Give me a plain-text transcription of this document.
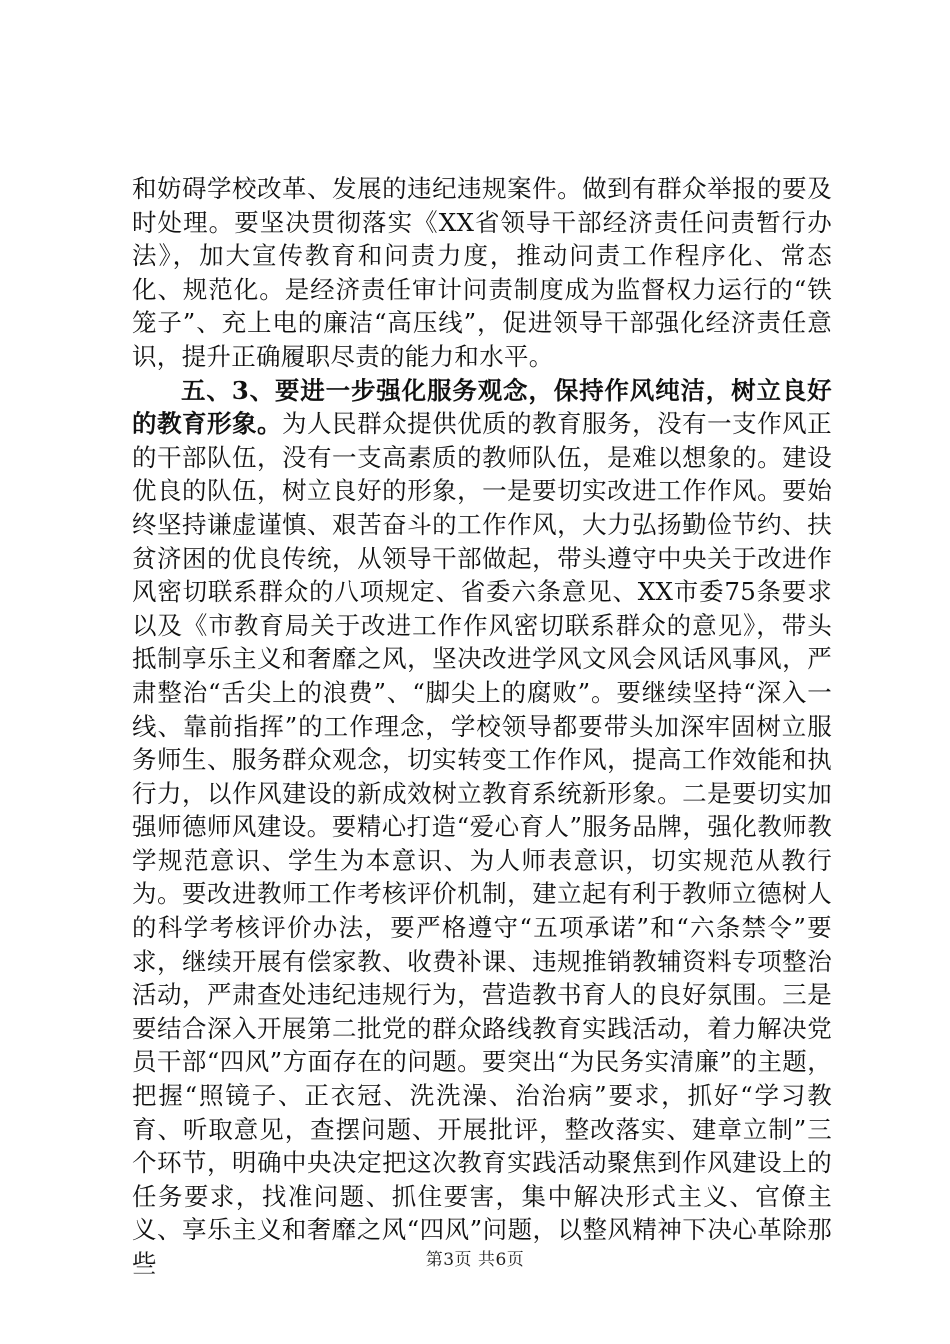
和妨碍学校改革、发展的违纪违规案件。做到有群众举报的要及时处理。要坚决贯彻落实《XX省领导干部经济责任问责暂行办法》，加大宣传教育和问责力度，推动问责工作程序化、常态化、规范化。是经济责任审计问责制度成为监督权力运行的“铁笼子”、充上电的廉洁“高压线”，促进领导干部强化经济责任意识，提升正确履职尽责的能力和水平。

五、3、要进一步强化服务观念，保持作风纯洁，树立良好的教育形象。为人民群众提供优质的教育服务，没有一支作风正的干部队伍，没有一支高素质的教师队伍，是难以想象的。建设优良的队伍，树立良好的形象，一是要切实改进工作作风。要始终坚持谦虚谨慎、艰苦奋斗的工作作风，大力弘扬勤俭节约、扶贫济困的优良传统，从领导干部做起，带头遵守中央关于改进作风密切联系群众的八项规定、省委六条意见、XX市委75条要求以及《市教育局关于改进工作作风密切联系群众的意见》，带头抵制享乐主义和奢靡之风，坚决改进学风文风会风话风事风，严肃整治“舌尖上的浪费”、“脚尖上的腐败”。要继续坚持“深入一线、靠前指挥”的工作理念，学校领导都要带头加深牢固树立服务师生、服务群众观念，切实转变工作作风，提高工作效能和执行力，以作风建设的新成效树立教育系统新形象。二是要切实加强师德师风建设。要精心打造“爱心育人”服务品牌，强化教师教学规范意识、学生为本意识、为人师表意识，切实规范从教行为。要改进教师工作考核评价机制，建立起有利于教师立德树人的科学考核评价办法，要严格遵守“五项承诺”和“六条禁令”要求，继续开展有偿家教、收费补课、违规推销教辅资料专项整治活动，严肃查处违纪违规行为，营造教书育人的良好氛围。三是要结合深入开展第二批党的群众路线教育实践活动，着力解决党员干部“四风”方面存在的问题。要突出“为民务实清廉”的主题，把握“照镜子、正衣冠、洗洗澡、治治病”要求，抓好“学习教育、听取意见，查摆问题、开展批评，整改落实、建章立制”三个环节，明确中央决定把这次教育实践活动聚焦到作风建设上的任务要求，找准问题、抓住要害，集中解决形式主义、官僚主义、享乐主义和奢靡之风“四风”问题，以整风精神下决心革除那些	第3页 共6页
